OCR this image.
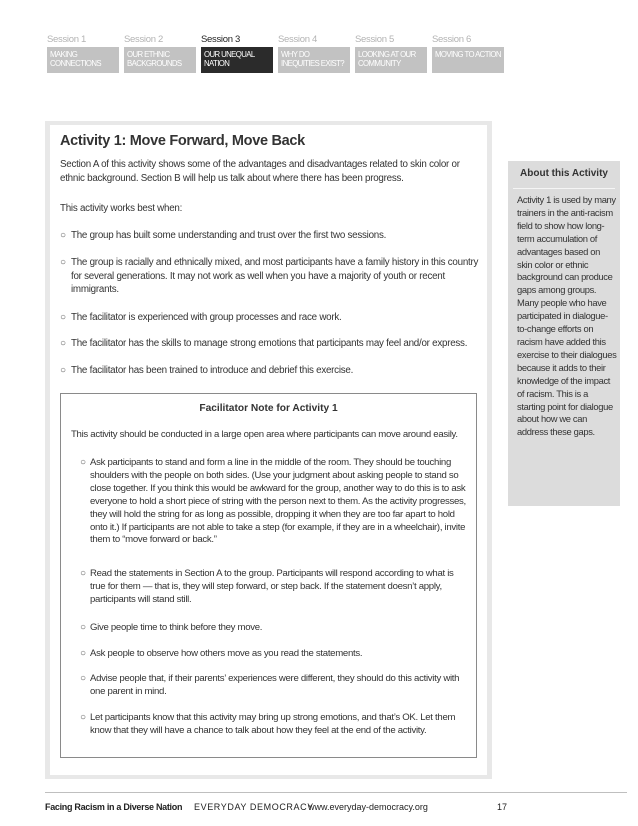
Session 1
MAKING CONNECTIONS
Session 2
OUR ETHNIC BACKGROUNDS
Session 3
OUR UNEQUAL NATION
Session 4
WHY DO INEQUITIES EXIST?
Session 5
LOOKING AT OUR COMMUNITY
Session 6
MOVING TO ACTION
Activity 1: Move Forward, Move Back
Section A of this activity shows some of the advantages and disadvantages related to skin color or
ethnic background. Section B will help us talk about where there has been progress.
This activity works best when:
○ The group has built some understanding and trust over the first two sessions.
○ The group is racially and ethnically mixed, and most participants have a family history in this country for several generations. It may not work as well when you have a majority of youth or recent immigrants.
○ The facilitator is experienced with group processes and race work.
○ The facilitator has the skills to manage strong emotions that participants may feel and/or express.
○ The facilitator has been trained to introduce and debrief this exercise.
Facilitator Note for Activity 1
This activity should be conducted in a large open area where participants can move around easily.
○ Ask participants to stand and form a line in the middle of the room. They should be touching shoulders with the people on both sides. (Use your judgment about asking people to stand so close together. If you think this would be awkward for the group, another way to do this is to ask everyone to hold a short piece of string with the person next to them. As the activity progresses, they will hold the string for as long as possible, dropping it when they are too far apart to hold onto it.) If participants are not able to take a step (for example, if they are in a wheelchair), invite them to “move forward or back.”
○ Read the statements in Section A to the group. Participants will respond according to what is true for them — that is, they will step forward, or step back. If the statement doesn’t apply, participants will stand still.
○ Give people time to think before they move.
○ Ask people to observe how others move as you read the statements.
○ Advise people that, if their parents’ experiences were different, they should do this activity with one parent in mind.
○ Let participants know that this activity may bring up strong emotions, and that’s OK. Let them know that they will have a chance to talk about how they feel at the end of the activity.
About this Activity
Activity 1 is used by many trainers in the anti-racism field to show how long-term accumulation of advantages based on skin color or ethnic background can produce gaps among groups. Many people who have participated in dialogue-to-change efforts on racism have added this exercise to their dialogues because it adds to their knowledge of the impact of racism. This is a starting point for dialogue about how we can address these gaps.
Facing Racism in a Diverse Nation EVERYDAY DEMOCRACY
www.everyday-democracy.org	17
